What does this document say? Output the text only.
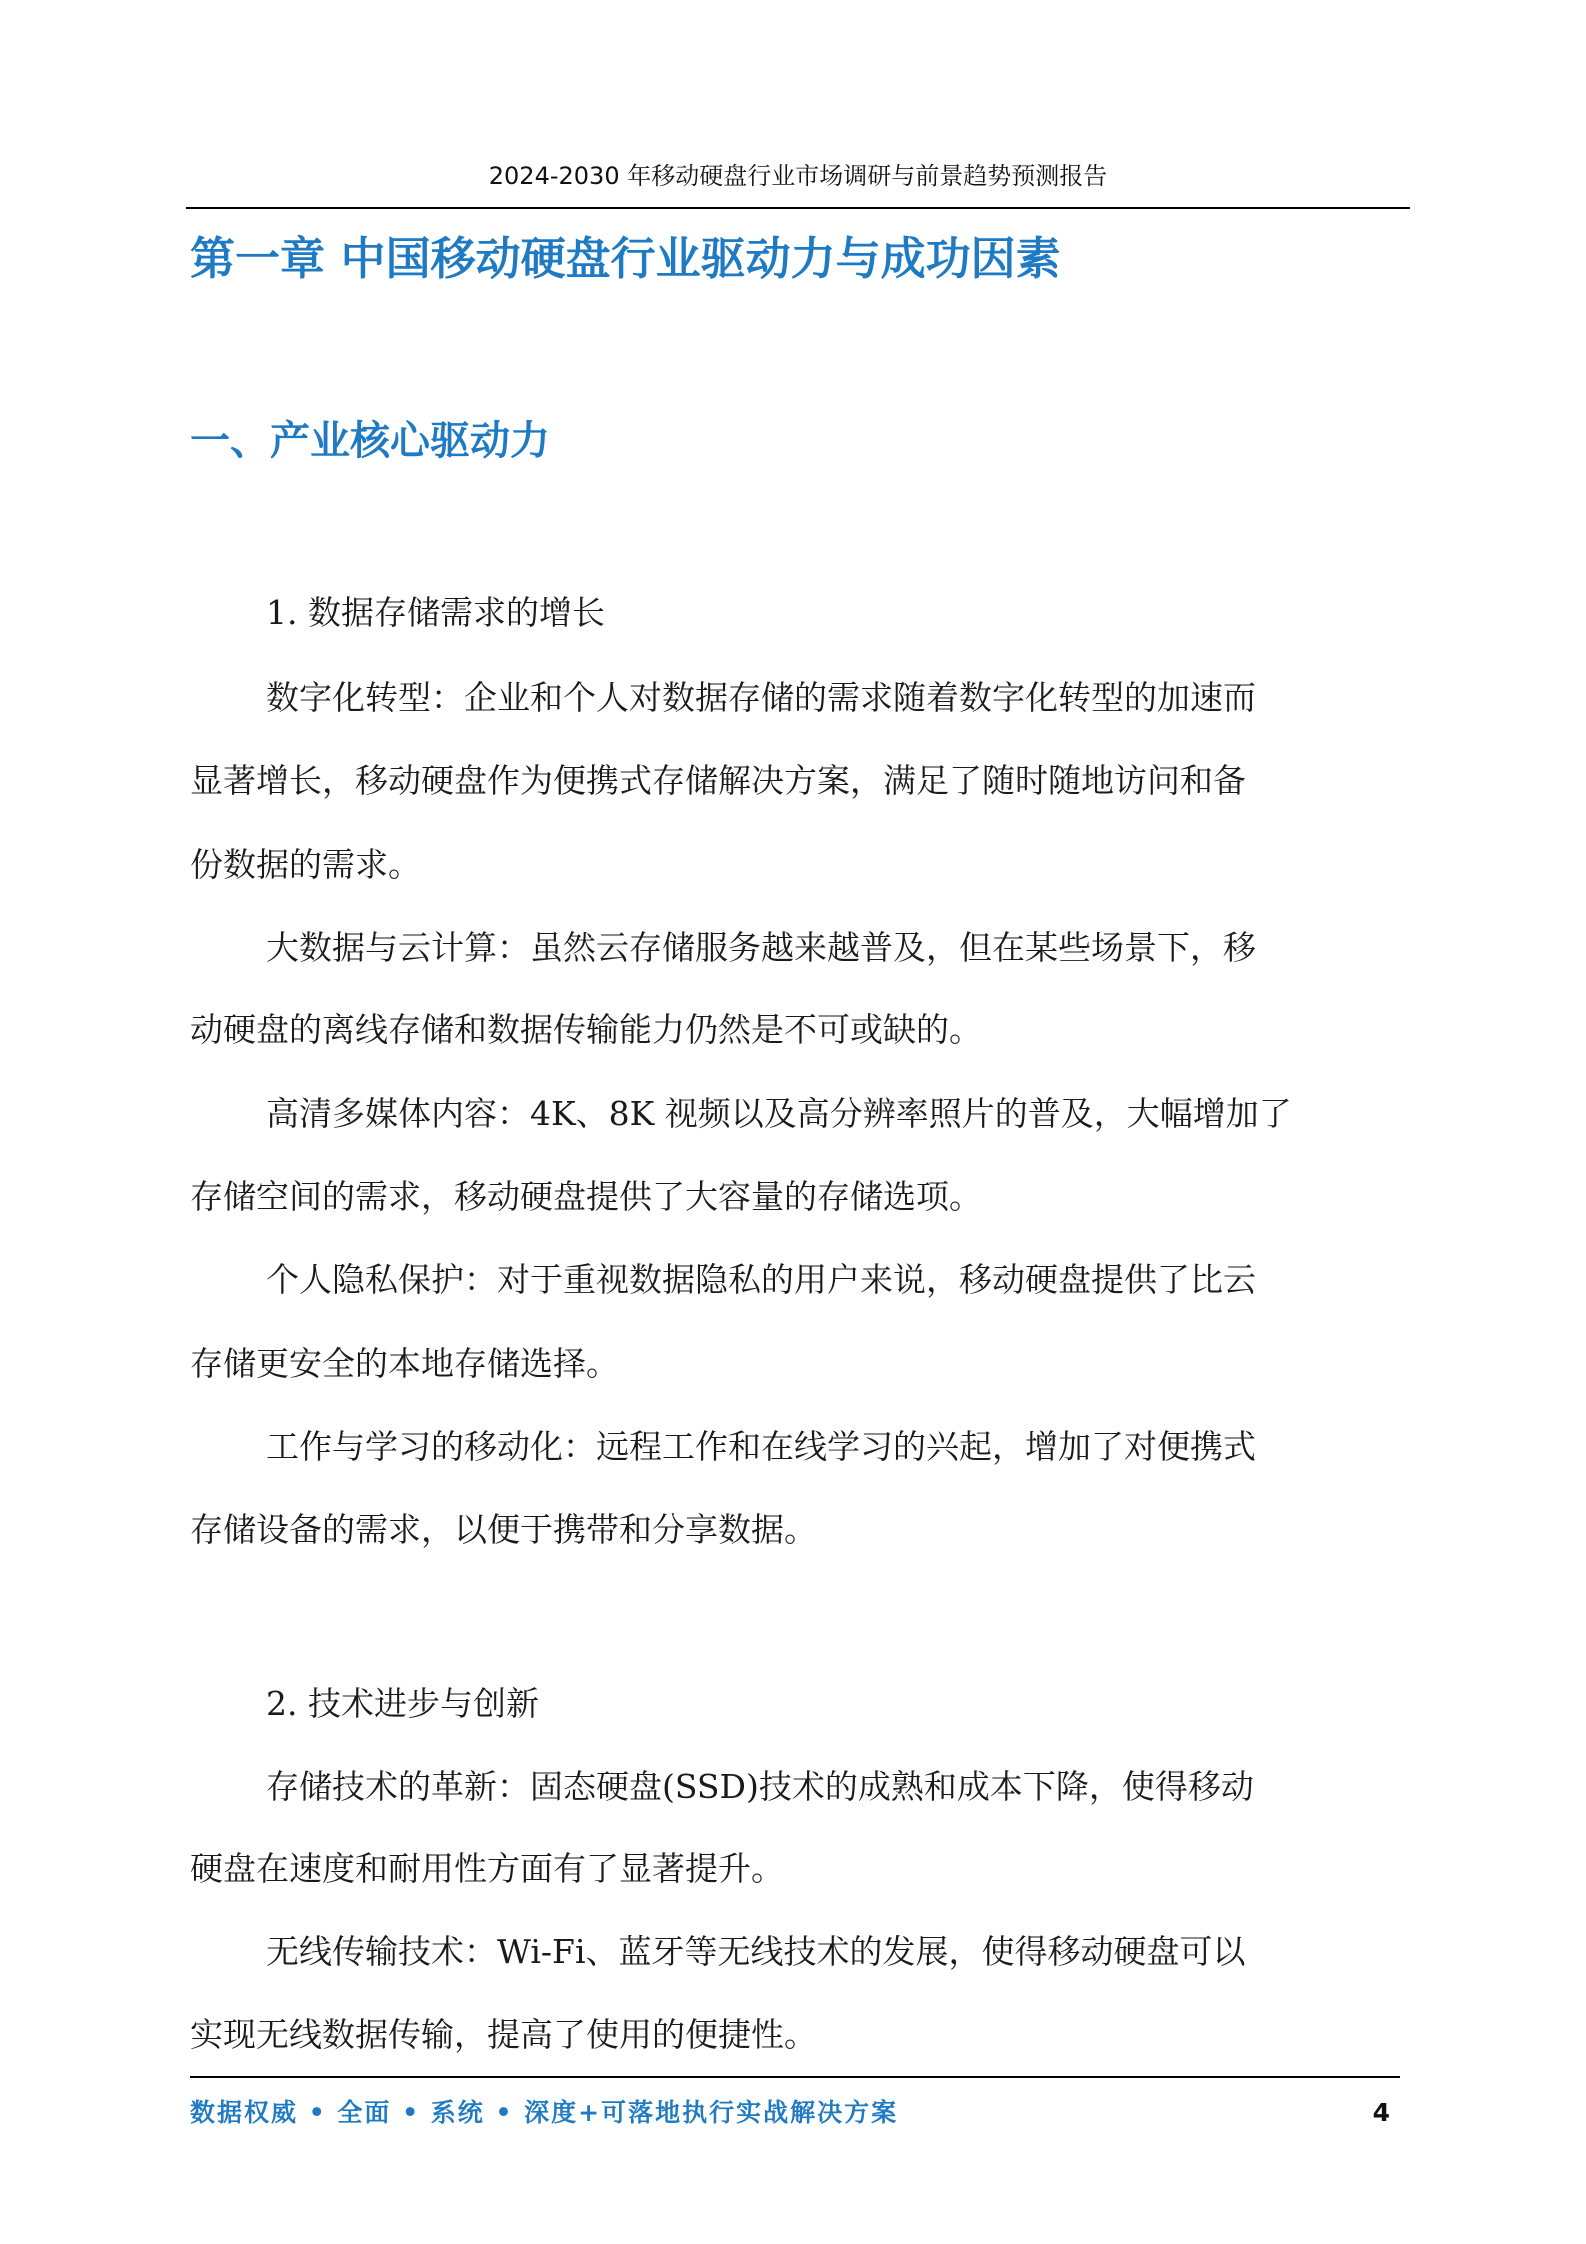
2024-2030 年移动硬盘行业市场调研与前景趋势预测报告
第一章 中国移动硬盘行业驱动力与成功因素
一、产业核心驱动力
1. 数据存储需求的增长
数字化转型：企业和个人对数据存储的需求随着数字化转型的加速而
显著增长，移动硬盘作为便携式存储解决方案，满足了随时随地访问和备
份数据的需求。
大数据与云计算：虽然云存储服务越来越普及，但在某些场景下，移
动硬盘的离线存储和数据传输能力仍然是不可或缺的。
高清多媒体内容：4K、8K 视频以及高分辨率照片的普及，大幅增加了
存储空间的需求，移动硬盘提供了大容量的存储选项。
个人隐私保护：对于重视数据隐私的用户来说，移动硬盘提供了比云
存储更安全的本地存储选择。
工作与学习的移动化：远程工作和在线学习的兴起，增加了对便携式
存储设备的需求，以便于携带和分享数据。
2. 技术进步与创新
存储技术的革新：固态硬盘(SSD)技术的成熟和成本下降，使得移动
硬盘在速度和耐用性方面有了显著提升。
无线传输技术：Wi-Fi、蓝牙等无线技术的发展，使得移动硬盘可以
实现无线数据传输，提高了使用的便捷性。
数据权威 • 全面 • 系统 • 深度+可落地执行实战解决方案	4
